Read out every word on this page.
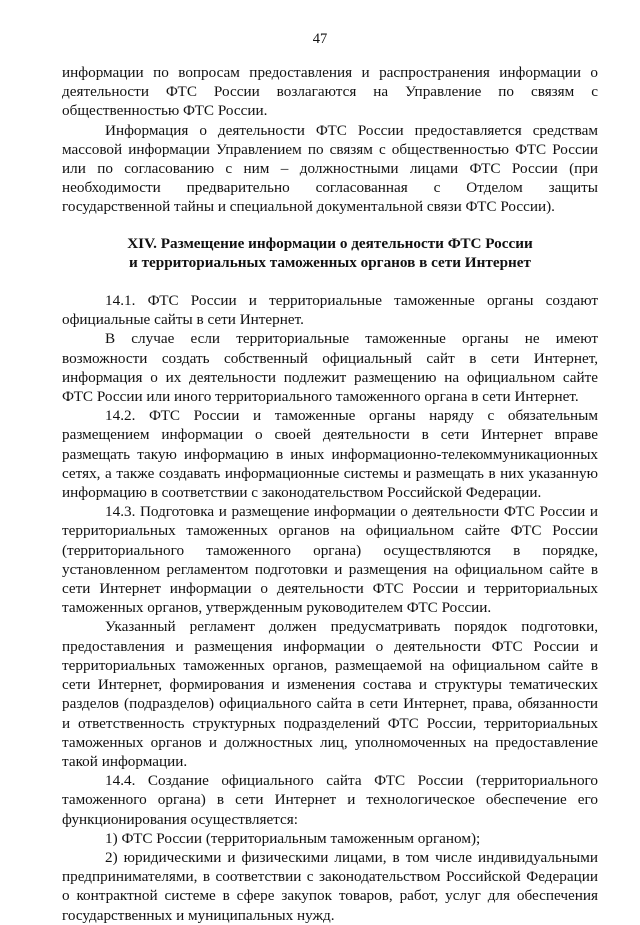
47

информации по вопросам предоставления и распространения информации о деятельности ФТС России возлагаются на Управление по связям с общественностью ФТС России.

Информация о деятельности ФТС России предоставляется средствам массовой информации Управлением по связям с общественностью ФТС России или по согласованию с ним – должностными лицами ФТС России (при необходимости предварительно согласованная с Отделом защиты государственной тайны и специальной документальной связи ФТС России).

XIV. Размещение информации о деятельности ФТС России
и территориальных таможенных органов в сети Интернет

14.1. ФТС России и территориальные таможенные органы создают официальные сайты в сети Интернет.

В случае если территориальные таможенные органы не имеют возможности создать собственный официальный сайт в сети Интернет, информация о их деятельности подлежит размещению на официальном сайте ФТС России или иного территориального таможенного органа в сети Интернет.

14.2. ФТС России и таможенные органы наряду с обязательным размещением информации о своей деятельности в сети Интернет вправе размещать такую информацию в иных информационно-телекоммуникационных сетях, а также создавать информационные системы и размещать в них указанную информацию в соответствии с законодательством Российской Федерации.

14.3. Подготовка и размещение информации о деятельности ФТС России и территориальных таможенных органов на официальном сайте ФТС России (территориального таможенного органа) осуществляются в порядке, установленном регламентом подготовки и размещения на официальном сайте в сети Интернет информации о деятельности ФТС России и территориальных таможенных органов, утвержденным руководителем ФТС России.

Указанный регламент должен предусматривать порядок подготовки, предоставления и размещения информации о деятельности ФТС России и территориальных таможенных органов, размещаемой на официальном сайте в сети Интернет, формирования и изменения состава и структуры тематических разделов (подразделов) официального сайта в сети Интернет, права, обязанности и ответственность структурных подразделений ФТС России, территориальных таможенных органов и должностных лиц, уполномоченных на предоставление такой информации.

14.4. Создание официального сайта ФТС России (территориального таможенного органа) в сети Интернет и технологическое обеспечение его функционирования осуществляется:

1) ФТС России (территориальным таможенным органом);

2) юридическими и физическими лицами, в том числе индивидуальными предпринимателями, в соответствии с законодательством Российской Федерации о контрактной системе в сфере закупок товаров, работ, услуг для обеспечения государственных и муниципальных нужд.
